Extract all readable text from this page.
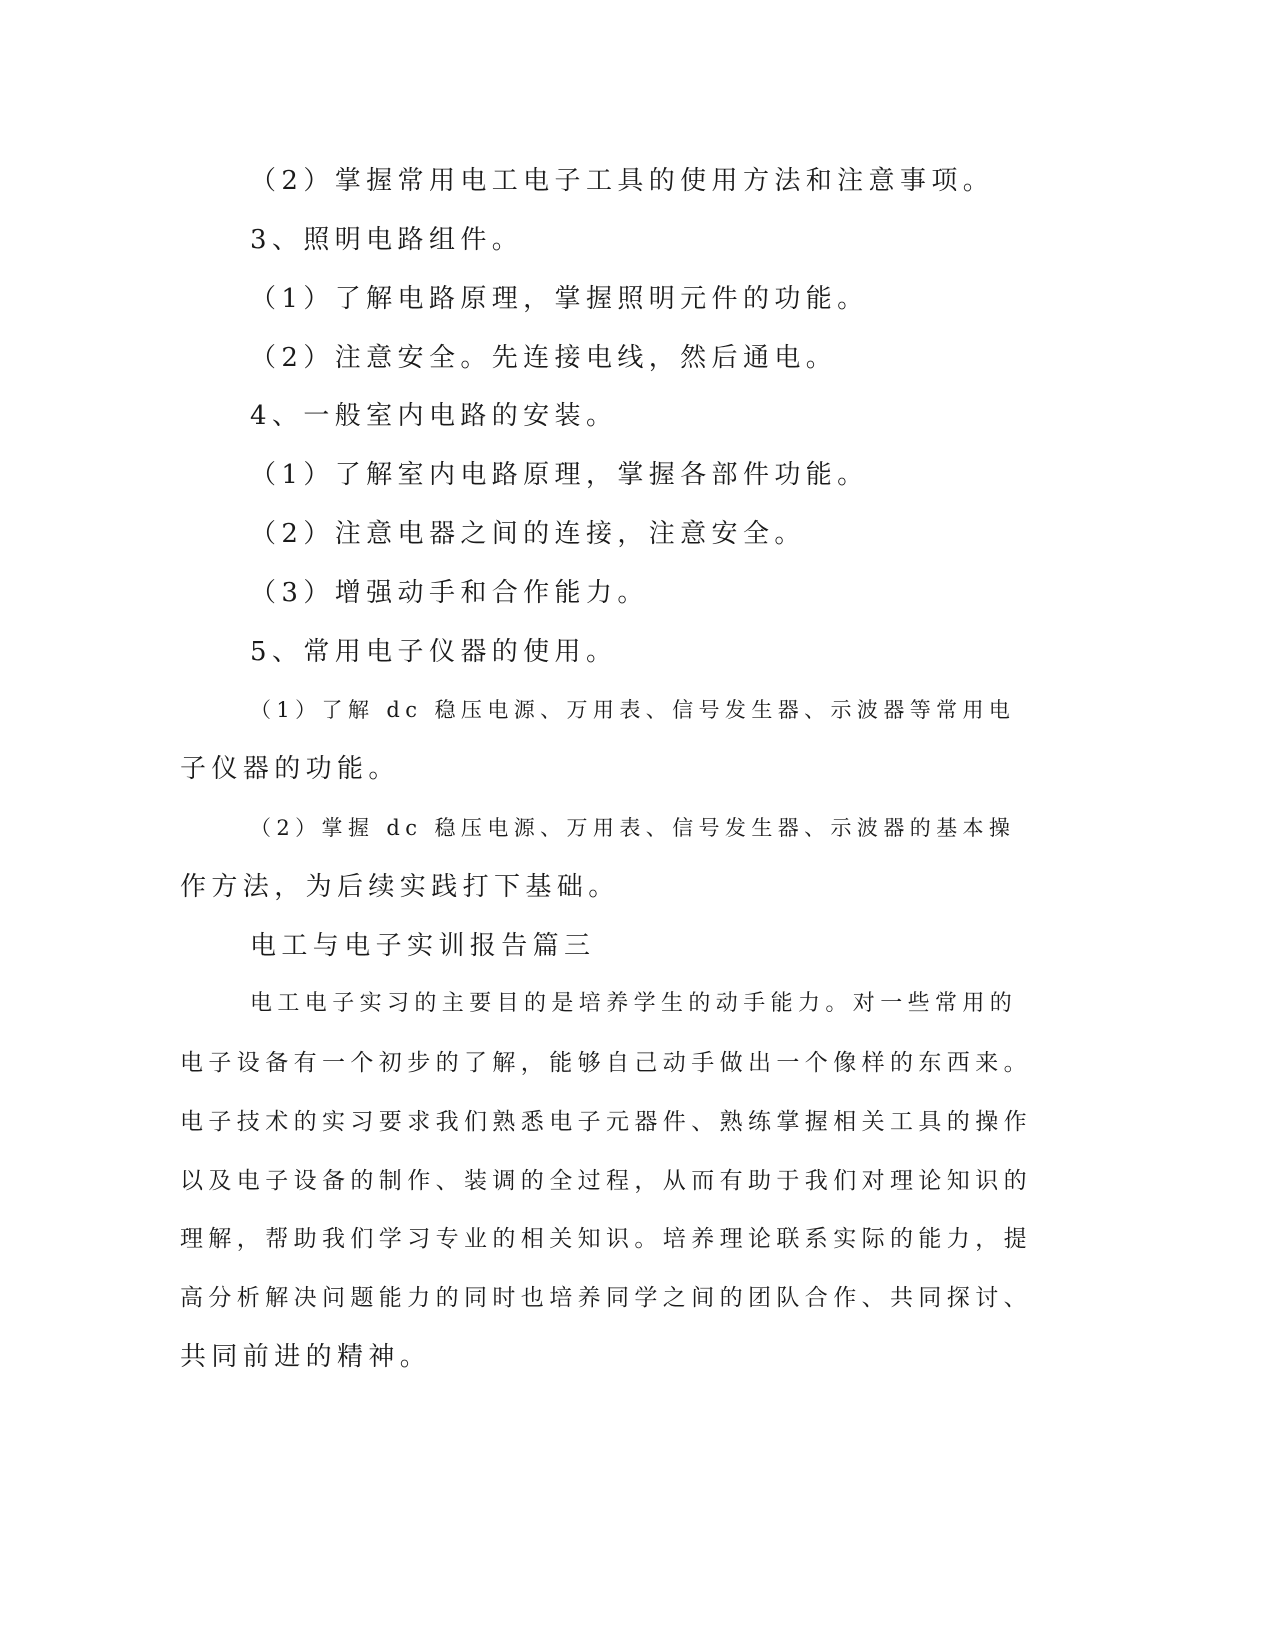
（2）掌握常用电工电子工具的使用方法和注意事项。

3、照明电路组件。

（1）了解电路原理，掌握照明元件的功能。

（2）注意安全。先连接电线，然后通电。

4、一般室内电路的安装。

（1）了解室内电路原理，掌握各部件功能。

（2）注意电器之间的连接，注意安全。

（3）增强动手和合作能力。

5、常用电子仪器的使用。

（1）了解 dc 稳压电源、万用表、信号发生器、示波器等常用电

子仪器的功能。

（2）掌握 dc 稳压电源、万用表、信号发生器、示波器的基本操

作方法，为后续实践打下基础。

电工与电子实训报告篇三

电工电子实习的主要目的是培养学生的动手能力。对一些常用的

电子设备有一个初步的了解，能够自己动手做出一个像样的东西来。

电子技术的实习要求我们熟悉电子元器件、熟练掌握相关工具的操作

以及电子设备的制作、装调的全过程，从而有助于我们对理论知识的

理解，帮助我们学习专业的相关知识。培养理论联系实际的能力，提

高分析解决问题能力的同时也培养同学之间的团队合作、共同探讨、

共同前进的精神。
